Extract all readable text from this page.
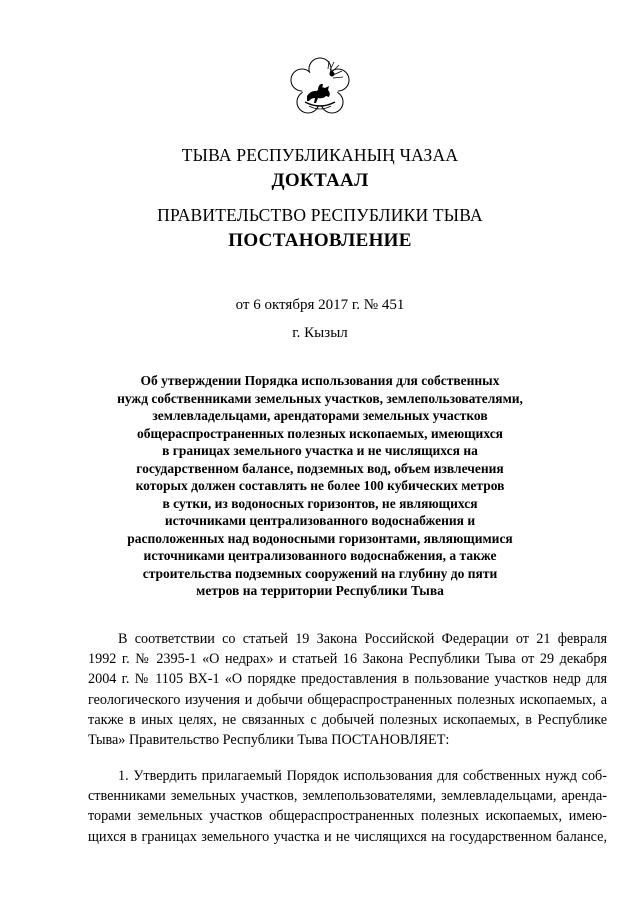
ТЫВА РЕСПУБЛИКАНЫҢ ЧАЗАА
ДОКТААЛ
ПРАВИТЕЛЬСТВО РЕСПУБЛИКИ ТЫВА
ПОСТАНОВЛЕНИЕ
от 6 октября 2017 г. № 451
г. Кызыл
Об утверждении Порядка использования для собственных
нужд собственниками земельных участков, землепользователями,
землевладельцами, арендаторами земельных участков
общераспространенных полезных ископаемых, имеющихся
в границах земельного участка и не числящихся на
государственном балансе, подземных вод, объем извлечения
которых должен составлять не более 100 кубических метров
в сутки, из водоносных горизонтов, не являющихся
источниками централизованного водоснабжения и
расположенных над водоносными горизонтами, являющимися
источниками централизованного водоснабжения, а также
строительства подземных сооружений на глубину до пяти
метров на территории Республики Тыва
В соответствии со статьей 19 Закона Российской Федерации от 21 февраля
1992 г. № 2395-1 «О недрах» и статьей 16 Закона Республики Тыва от 29 декабря
2004 г. № 1105 ВХ-1 «О порядке предоставления в пользование участков недр для
геологического изучения и добычи общераспространенных полезных ископаемых, а
также в иных целях, не связанных с добычей полезных ископаемых, в Республике
Тыва» Правительство Республики Тыва ПОСТАНОВЛЯЕТ:
1. Утвердить прилагаемый Порядок использования для собственных нужд соб-
ственниками земельных участков, землепользователями, землевладельцами, аренда-
торами земельных участков общераспространенных полезных ископаемых, имею-
щихся в границах земельного участка и не числящихся на государственном балансе,
